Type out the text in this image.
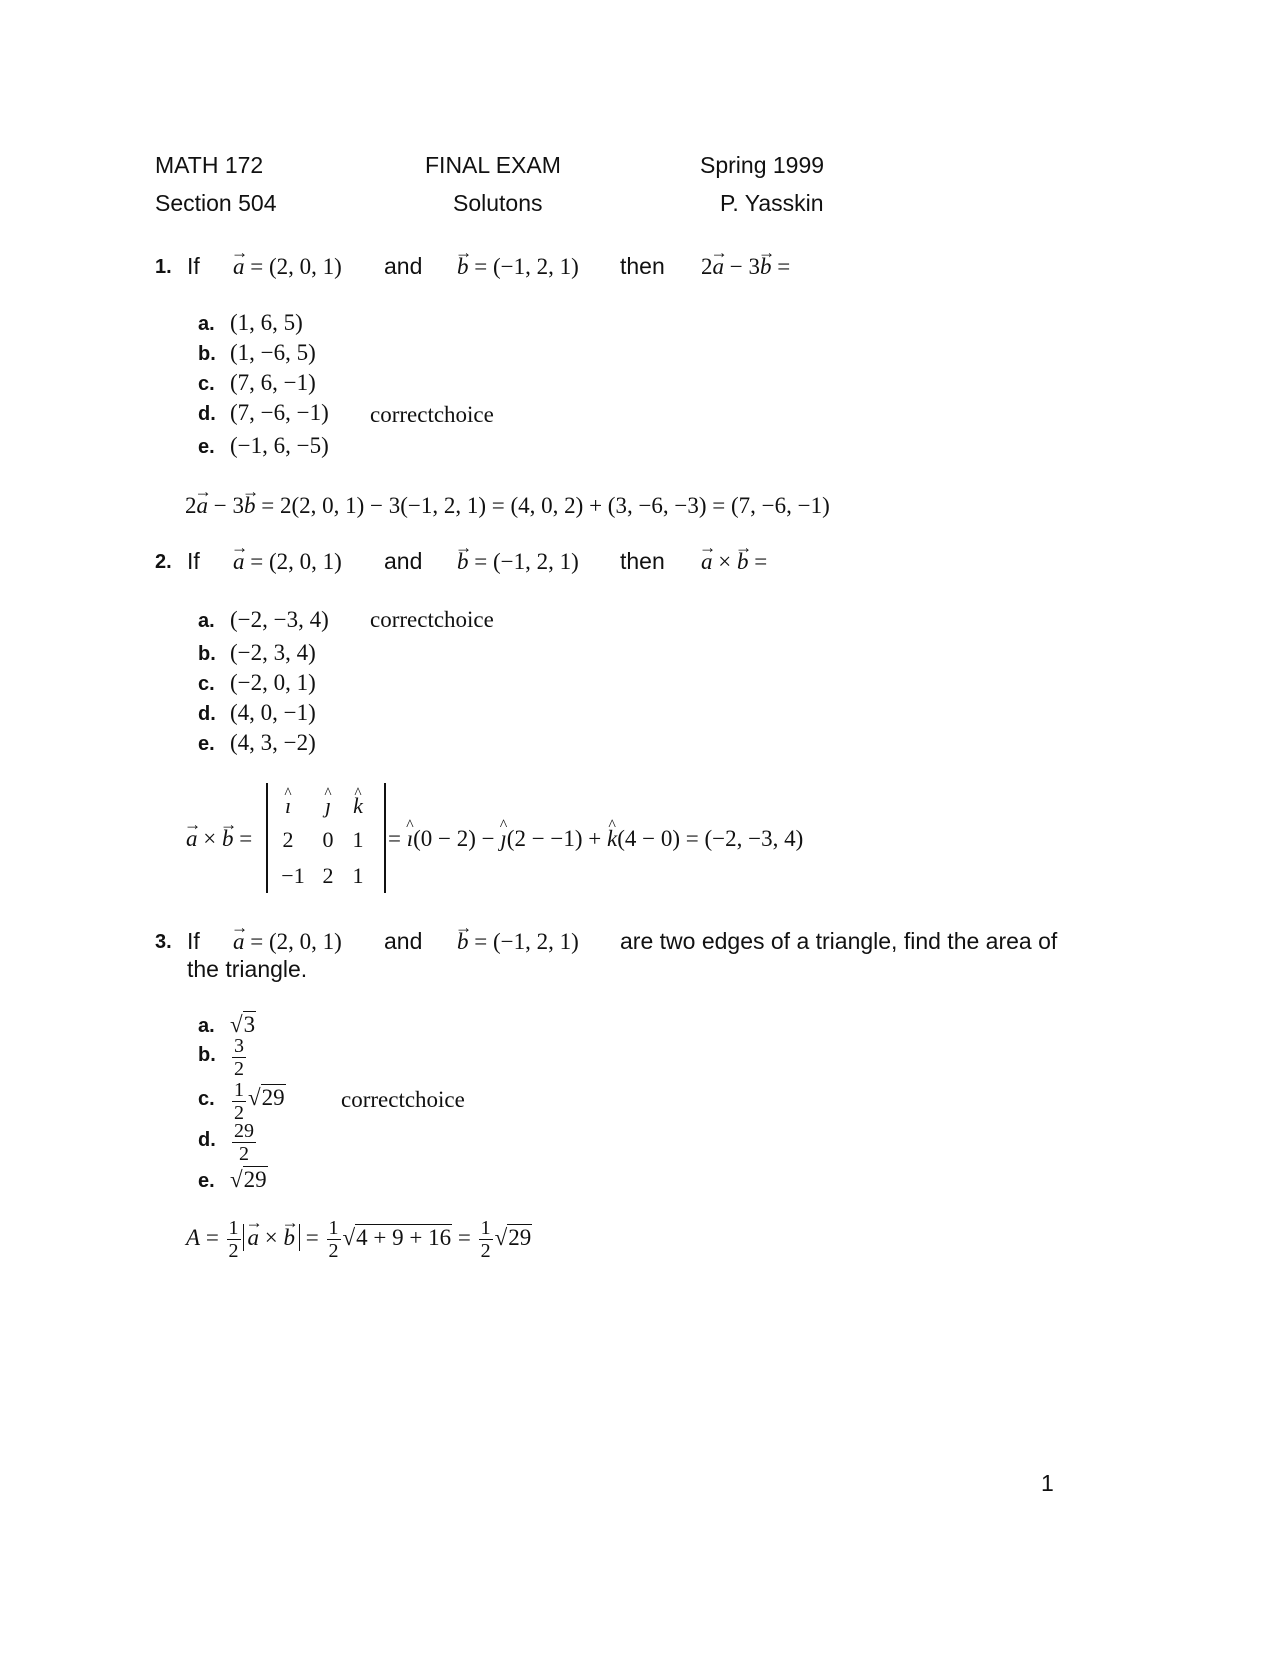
MATH 172	FINAL EXAM	Spring 1999
Section 504	Solutons	P. Yasskin
1. If
→ a = (2, 0, 1) and
→ b = (−1, 2, 1) then 2→ a − 3→ b =
a. (1, 6, 5)
b. (1, −6, 5)
c. (7, 6, −1)
d. (7, −6, −1)
e. (−1, 6, −5)
correctchoice
2→ a − 3→ b = 2(2, 0, 1) − 3(−1, 2, 1) = (4, 0, 2) + (3, −6, −3) = (7, −6, −1)
2. If
→ a = (2, 0, 1) and
→ b = (−1, 2, 1) then
→ a × → b =
a. (−2, −3, 4)
b. (−2, 3, 4)
c. (−2, 0, 1)
d. (4, 0, −1)
e. (4, 3, −2)
correctchoice
→ a × → b =
^ ı
^	ȷ
^	k
2	0 1
−1 2 1
= ^ ı(0 − 2) − ^ ȷ(2 − −1) + ^ k(4 − 0) = (−2, −3, 4)
3. If
→ a = (2, 0, 1) and
→ b = (−1, 2, 1) are two edges of a triangle, find the area of
the triangle.
a. √3
b. $\frac{3}{2}$
c. $\frac{1}{2} √29$
d. $\frac{29}{2}$
e. √29
correctchoice
$A = \frac{1}{2}$
→ a × → $b = \frac{1}{2} √4 + 9 + 16 = \frac{1}{2} √29$
1
